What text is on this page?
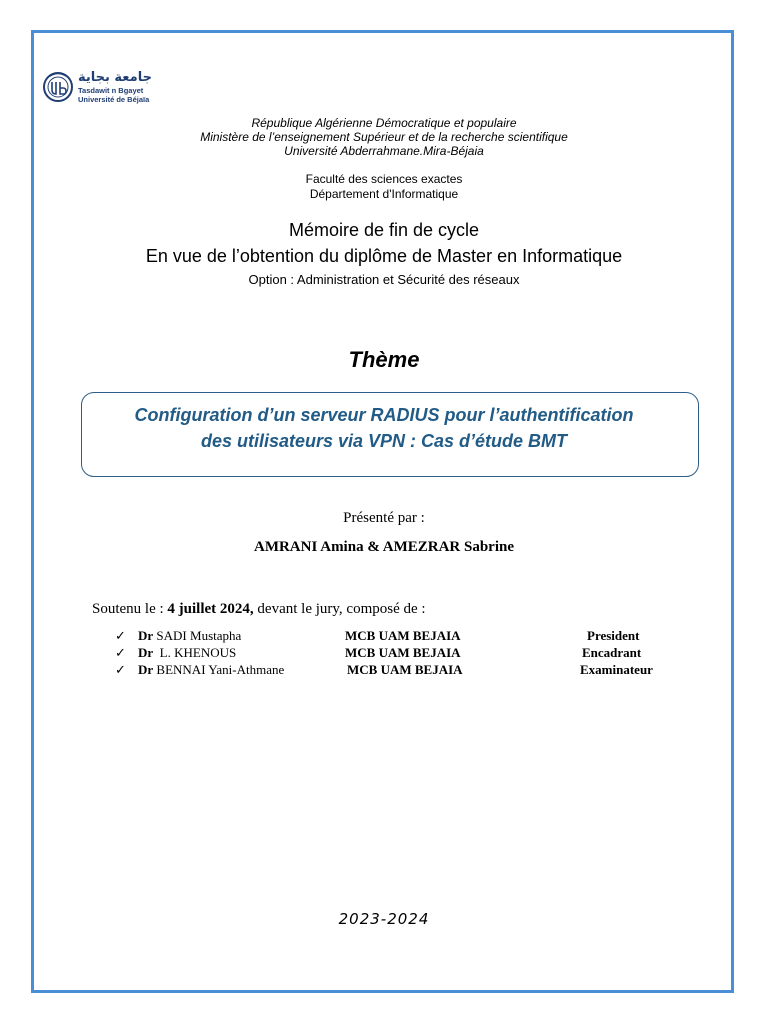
جامعة بجاية
Tasdawit n Bgayet
Université de Béjaïa
République Algérienne Démocratique et populaire
Ministère de l’enseignement Supérieur et de la recherche scientifique
Université Abderrahmane.Mira-Béjaia
Faculté des sciences exactes
Département d'Informatique
Mémoire de fin de cycle
En vue de l’obtention du diplôme de Master en Informatique
Option : Administration et Sécurité des réseaux
Thème
Configuration d’un serveur RADIUS pour l’authentification
des utilisateurs via VPN : Cas d’étude BMT
Présenté par :
AMRANI Amina & AMEZRAR Sabrine
Soutenu le : 4 juillet 2024, devant le jury, composé de :
✓ Dr SADI Mustapha	MCB UAM BEJAIA	President
✓ Dr  L. KHENOUS	MCB UAM BEJAIA	Encadrant
✓ Dr BENNAI Yani-Athmane	MCB UAM BEJAIA	Examinateur
2023-2024
